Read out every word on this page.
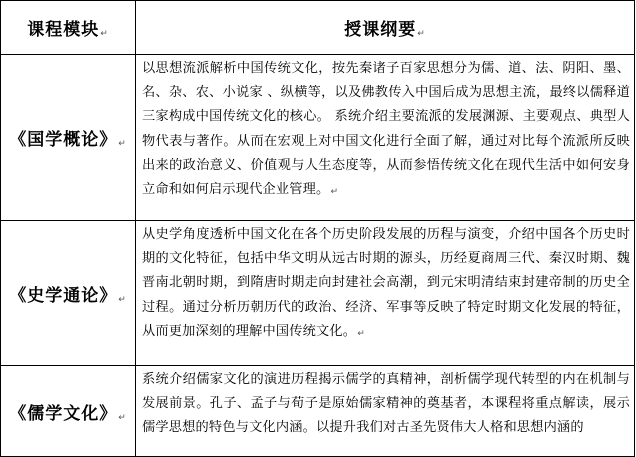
课程模块↵	授课纲要↵
《国学概论》↵	以思想流派解析中国传统文化，按先秦诸子百家思想分为儒、道、法、阴阳、墨、名、杂、农、小说家 、纵横等，以及佛教传入中国后成为思想主流，最终以儒释道三家构成中国传统文化的核心。 系统介绍主要流派的发展渊源、主要观点、典型人物代表与著作。从而在宏观上对中国文化进行全面了解，通过对比每个流派所反映出来的政治意义、价值观与人生态度等，从而参悟传统文化在现代生活中如何安身立命和如何启示现代企业管理。↵
《史学通论》↵	从史学角度透析中国文化在各个历史阶段发展的历程与演变，介绍中国各个历史时期的文化特征，包括中华文明从远古时期的源头，历经夏商周三代、秦汉时期、魏晋南北朝时期，到隋唐时期走向封建社会高潮，到元宋明清结束封建帝制的历史全过程。通过分析历朝历代的政治、经济、军事等反映了特定时期文化发展的特征，从而更加深刻的理解中国传统文化。↵
《儒学文化》↵	系统介绍儒家文化的演进历程揭示儒学的真精神，剖析儒学现代转型的内在机制与发展前景。孔子、孟子与荀子是原始儒家精神的奠基者，本课程将重点解读，展示儒学思想的特色与文化内涵。以提升我们对古圣先贤伟大人格和思想内涵的
